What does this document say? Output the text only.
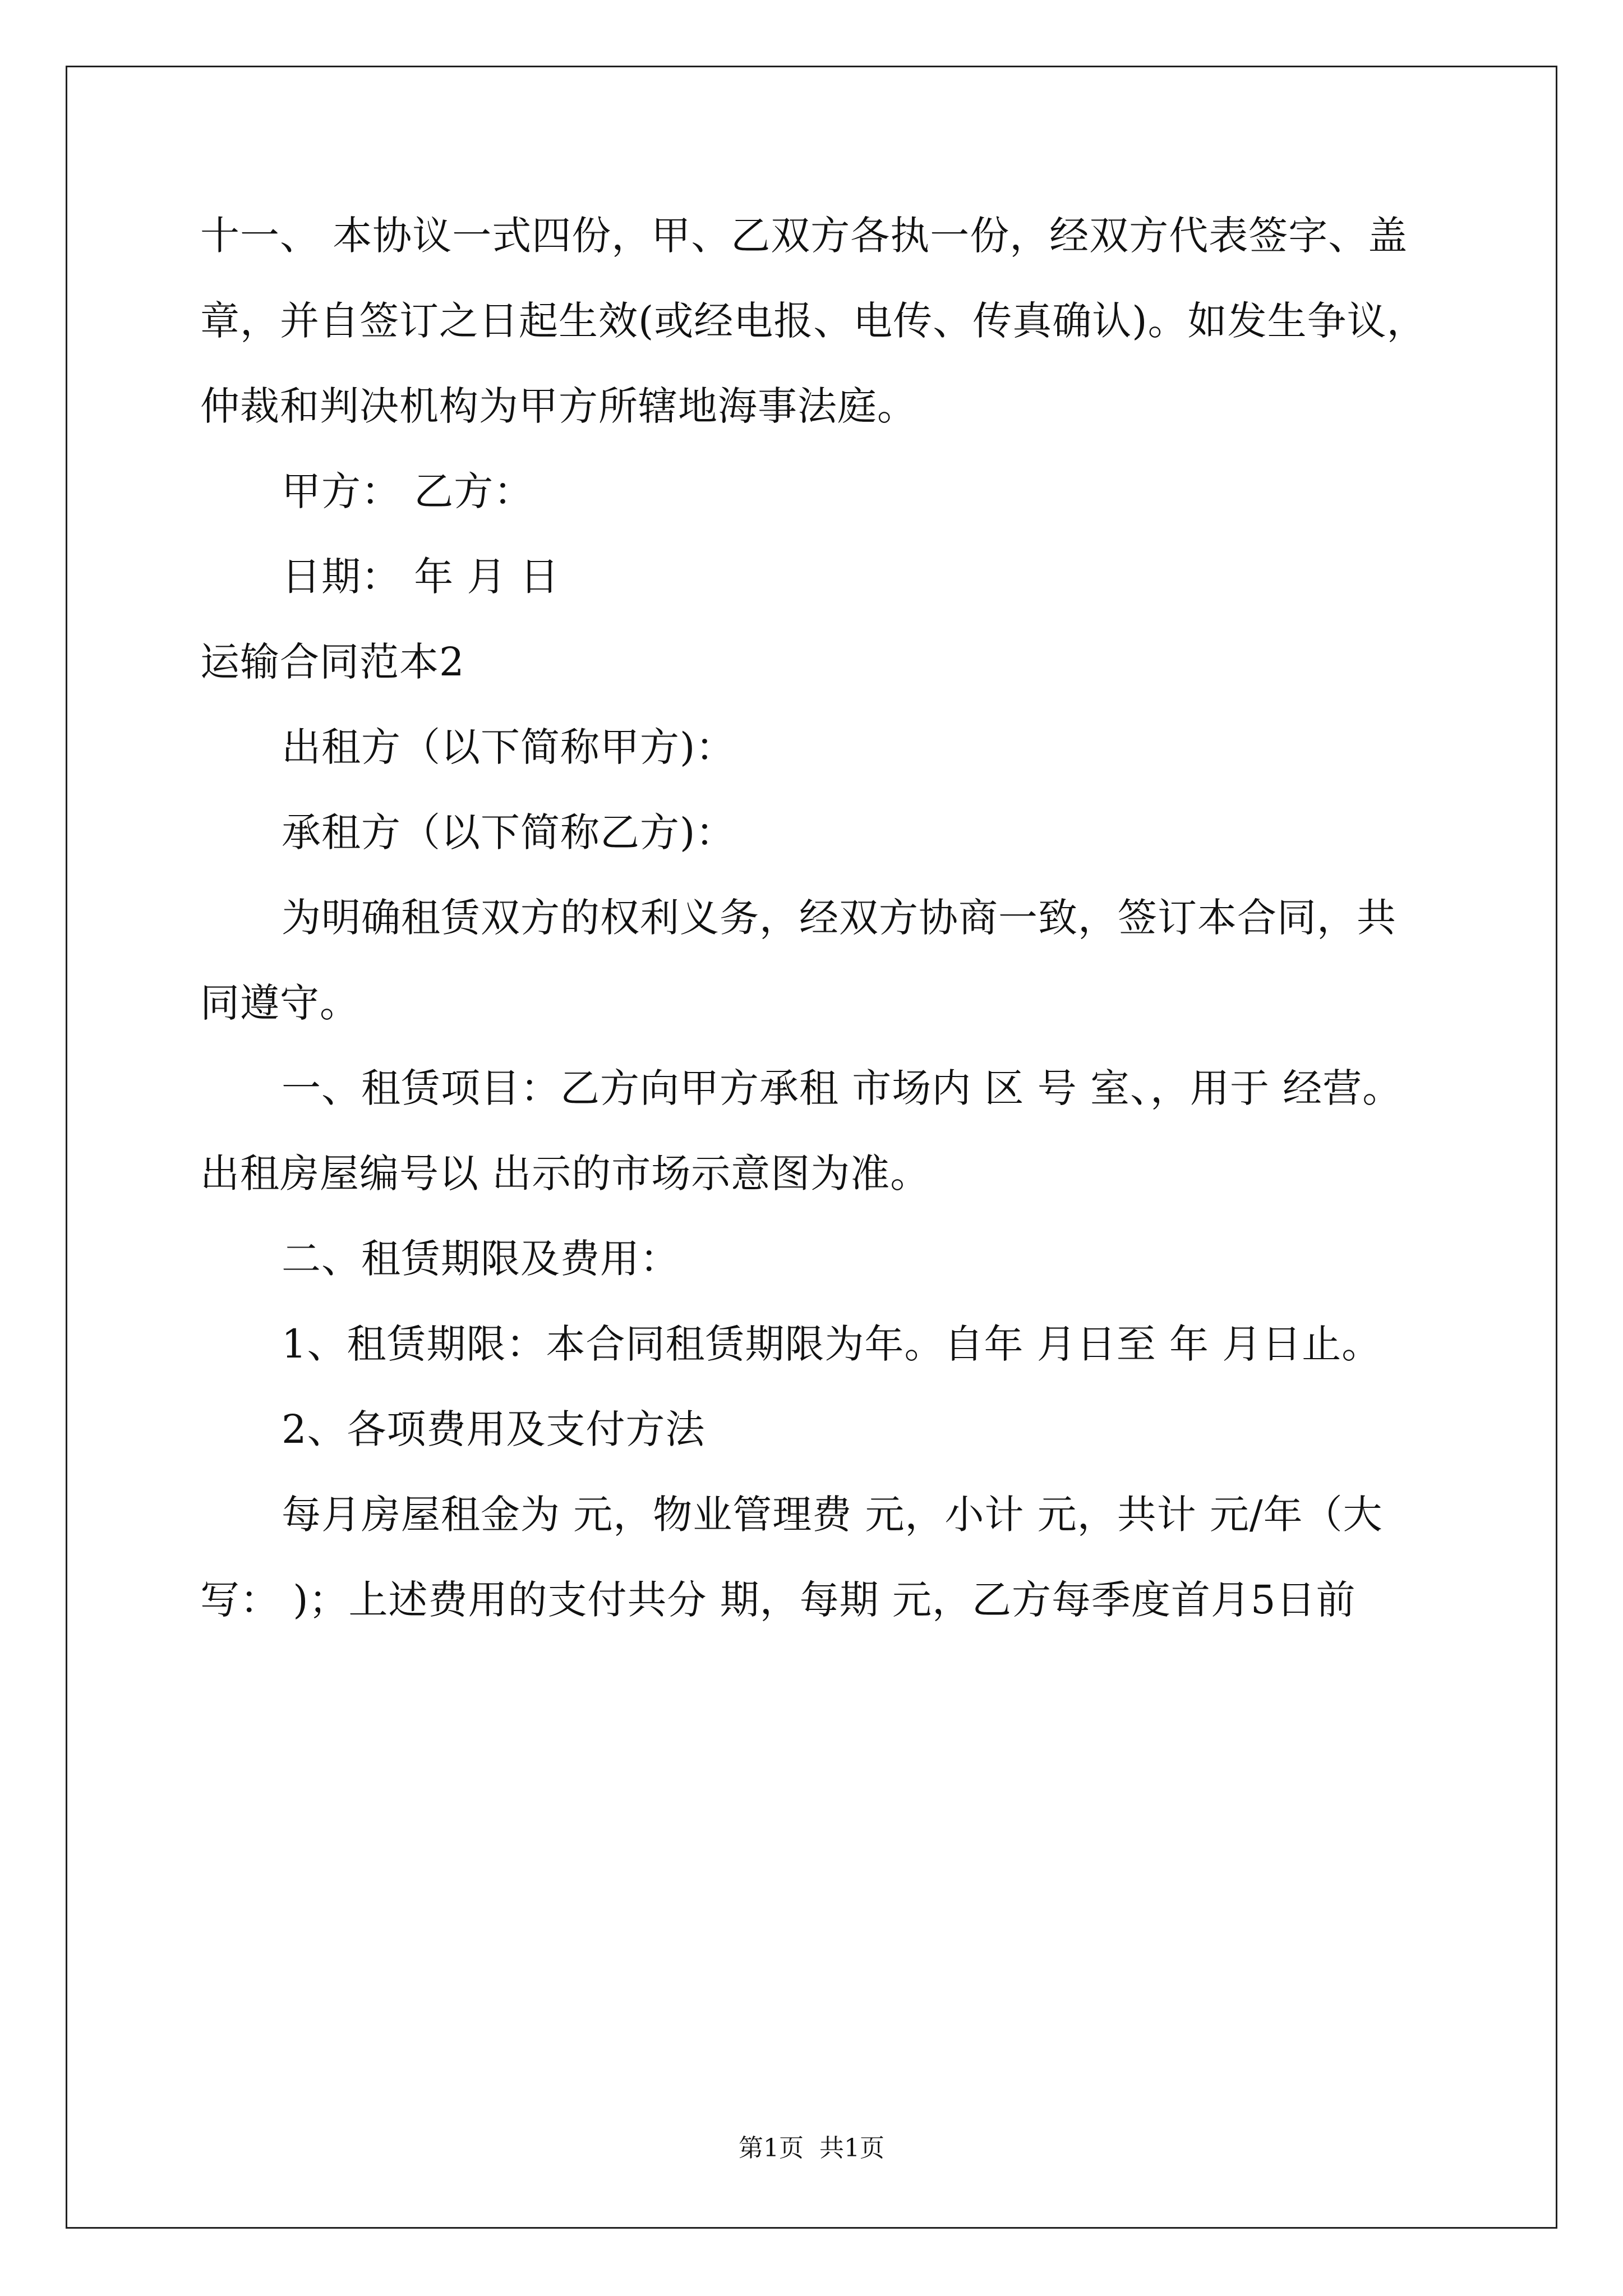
十一、 本协议一式四份，甲、乙双方各执一份，经双方代表签字、盖
章，并自签订之日起生效(或经电报、电传、传真确认)。如发生争议，
仲裁和判决机构为甲方所辖地海事法庭。
甲方： 乙方：
日期： 年 月 日
运输合同范本2
出租方（以下简称甲方)：
承租方（以下简称乙方)：
为明确租赁双方的权利义务，经双方协商一致，签订本合同，共
同遵守。
一、租赁项目：乙方向甲方承租 市场内 区 号 室、，用于 经营。
出租房屋编号以 出示的市场示意图为准。
二、租赁期限及费用：
1、租赁期限：本合同租赁期限为年。自年 月日至 年 月日止。
2、各项费用及支付方法
每月房屋租金为 元，物业管理费 元，小计 元，共计 元/年（大
写： )；上述费用的支付共分 期，每期 元，乙方每季度首月5日前
第1页  共1页
